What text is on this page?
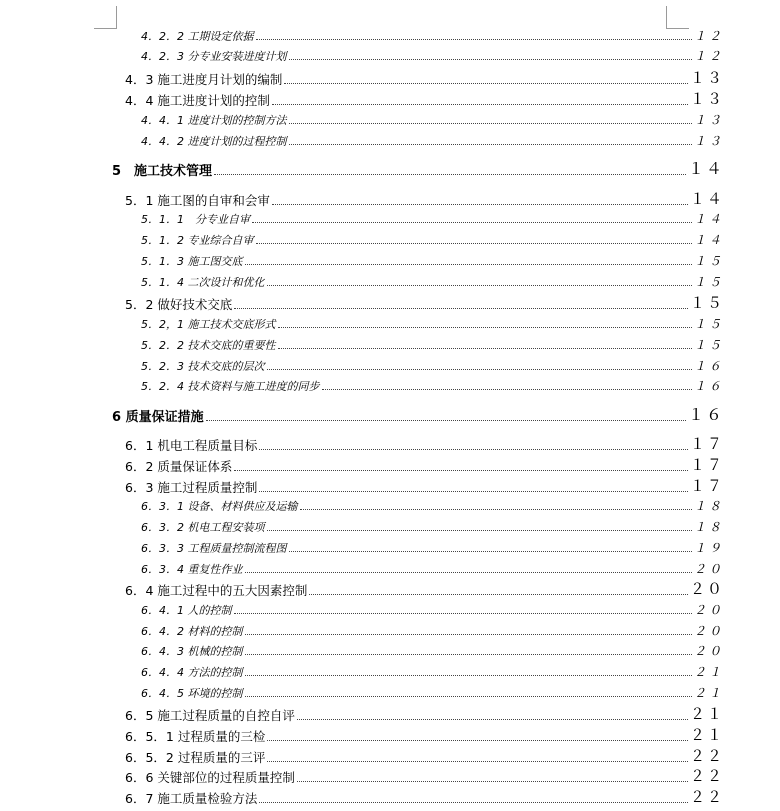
4．2．2 工期设定依据	１２
4．2．3 分专业安装进度计划	１２
4．3 施工进度月计划的编制	１３
4．4 施工进度计划的控制	１３
4．4．1 进度计划的控制方法	１３
4．4．2 进度计划的过程控制	１３
5　施工技术管理	１４
5．1 施工图的自审和会审	１４
5．1．1　分专业自审	１４
5．1．2 专业综合自审	１４
5．1．3 施工图交底	１５
5．1．4 二次设计和优化	１５
5．2 做好技术交底	１５
5．2，1 施工技术交底形式	１５
5．2．2 技术交底的重要性	１５
5．2．3 技术交底的层次	１６
5．2．4 技术资料与施工进度的同步	１６
6 质量保证措施	１６
6．1 机电工程质量目标	１７
6．2 质量保证体系	１７
6．3 施工过程质量控制	１７
6．3．1 设备、材料供应及运输	１８
6．3．2 机电工程安装项	１８
6．3．3 工程质量控制流程图	１９
6．3．4 重复性作业	２０
6．4 施工过程中的五大因素控制	２０
6．4．1 人的控制	２０
6．4．2 材料的控制	２０
6．4．3 机械的控制	２０
6．4．4 方法的控制	２１
6．4．5 环境的控制	２１
6．5 施工过程质量的自控自评	２１
6．5．1 过程质量的三检	２１
6．5．2 过程质量的三评	２２
6．6 关键部位的过程质量控制	２２
6．7 施工质量检验方法	２２
